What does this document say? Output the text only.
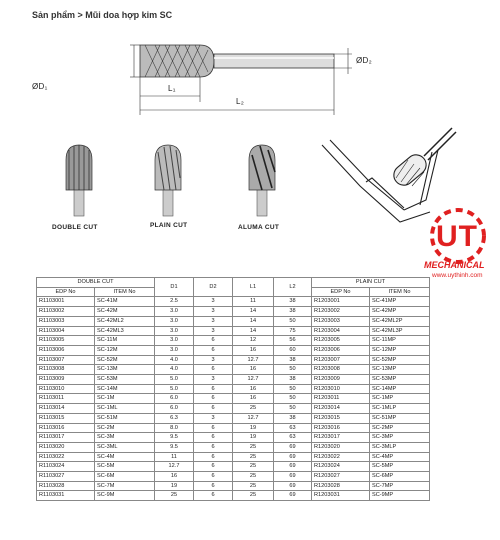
Sản phẩm > Mũi doa hợp kim SC
ØD₁
ØD₂
L₁
L₂
DOUBLE CUT	PLAIN CUT	ALUMA CUT	UT
MECHANICAL
www.uythinh.com
DOUBLE CUT		D1	D2	L1	L2	PLAIN CUT	
EDP No	ITEM No					EDP No	ITEM No
R1103001	SC-41M	2.5	3	11	38	R1203001	SC-41MP
R1103002	SC-42M	3.0	3	14	38	R1203002	SC-42MP
R1103003	SC-42ML2	3.0	3	14	50	R1203003	SC-42ML2P
R1103004	SC-42ML3	3.0	3	14	75	R1203004	SC-42ML3P
R1103005	SC-11M	3.0	6	12	56	R1203005	SC-11MP
R1103006	SC-12M	3.0	6	16	60	R1203006	SC-12MP
R1103007	SC-52M	4.0	3	12.7	38	R1203007	SC-52MP
R1103008	SC-13M	4.0	6	16	50	R1203008	SC-13MP
R1103009	SC-53M	5.0	3	12.7	38	R1203009	SC-53MP
R1103010	SC-14M	5.0	6	16	50	R1203010	SC-14MP
R1103011	SC-1M	6.0	6	16	50	R1203011	SC-1MP
R1103014	SC-1ML	6.0	6	25	50	R1203014	SC-1MLP
R1103015	SC-51M	6.3	3	12.7	38	R1203015	SC-51MP
R1103016	SC-2M	8.0	6	19	63	R1203016	SC-2MP
R1103017	SC-3M	9.5	6	19	63	R1203017	SC-3MP
R1103020	SC-3ML	9.5	6	25	69	R1203020	SC-3MLP
R1103022	SC-4M	11	6	25	69	R1203022	SC-4MP
R1103024	SC-5M	12.7	6	25	69	R1203024	SC-5MP
R1103027	SC-6M	16	6	25	69	R1203027	SC-6MP
R1103028	SC-7M	19	6	25	69	R1203028	SC-7MP
R1103031	SC-9M	25	6	25	69	R1203031	SC-9MP
